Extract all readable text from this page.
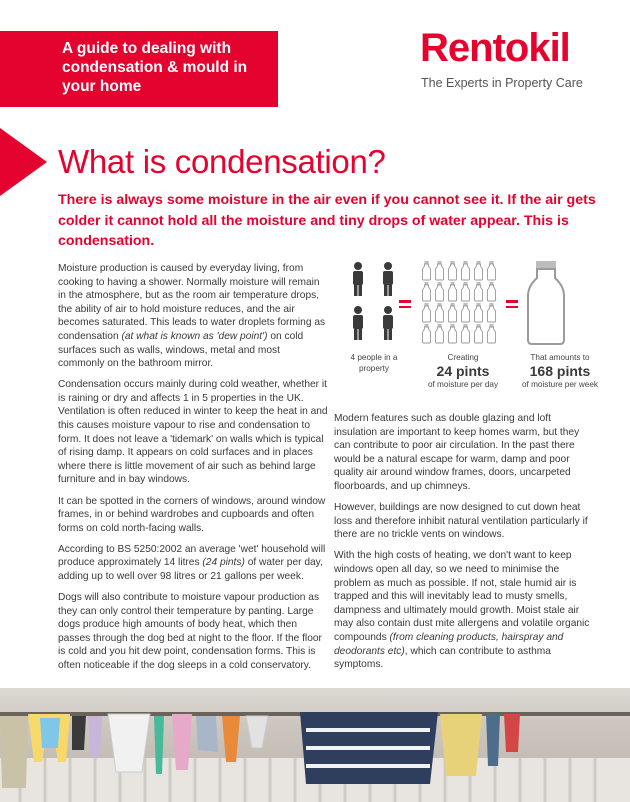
A guide to dealing with condensation & mould in your home
Rentokil
The Experts in Property Care
What is condensation?
There is always some moisture in the air even if you cannot see it. If the air gets colder it cannot hold all the moisture and tiny drops of water appear. This is condensation.

Moisture production is caused by everyday living, from cooking to having a shower. Normally moisture will remain in the atmosphere, but as the room air temperature drops, the ability of air to hold moisture reduces, and the air becomes saturated. This leads to water droplets forming as condensation (at what is known as 'dew point') on cold surfaces such as walls, windows, metal and most commonly on the bathroom mirror.

Condensation occurs mainly during cold weather, whether it is raining or dry and affects 1 in 5 properties in the UK. Ventilation is often reduced in winter to keep the heat in and this causes moisture vapour to rise and condensation to form. It does not leave a 'tidemark' on walls which is typical of rising damp. It appears on cold surfaces and in places where there is little movement of air such as behind large furniture and in bay windows.

It can be spotted in the corners of windows, around window frames, in or behind wardrobes and cupboards and often forms on cold north-facing walls.

According to BS 5250:2002 an average 'wet' household will produce approximately 14 litres (24 pints) of water per day, adding up to well over 98 litres or 21 gallons per week.

Dogs will also contribute to moisture vapour production as they can only control their temperature by panting. Large dogs produce high amounts of body heat, which then passes through the dog bed at night to the floor. If the floor is cold and you hit dew point, condensation forms. This is often noticeable if the dog sleeps in a cold conservatory.

4 people in a property
Creating
24 pints
of moisture per day
That amounts to
168 pints
of moisture per week

Modern features such as double glazing and loft insulation are important to keep homes warm, but they can contribute to poor air circulation. In the past there would be a natural escape for warm, damp and poor quality air around window frames, doors, uncarpeted floorboards, and up chimneys.

However, buildings are now designed to cut down heat loss and therefore inhibit natural ventilation particularly if there are no trickle vents on windows.

With the high costs of heating, we don't want to keep windows open all day, so we need to minimise the problem as much as possible. If not, stale humid air is trapped and this will inevitably lead to musty smells, dampness and ultimately mould growth. Moist stale air may also contain dust mite allergens and volatile organic compounds (from cleaning products, hairspray and deodorants etc), which can contribute to asthma symptoms.
